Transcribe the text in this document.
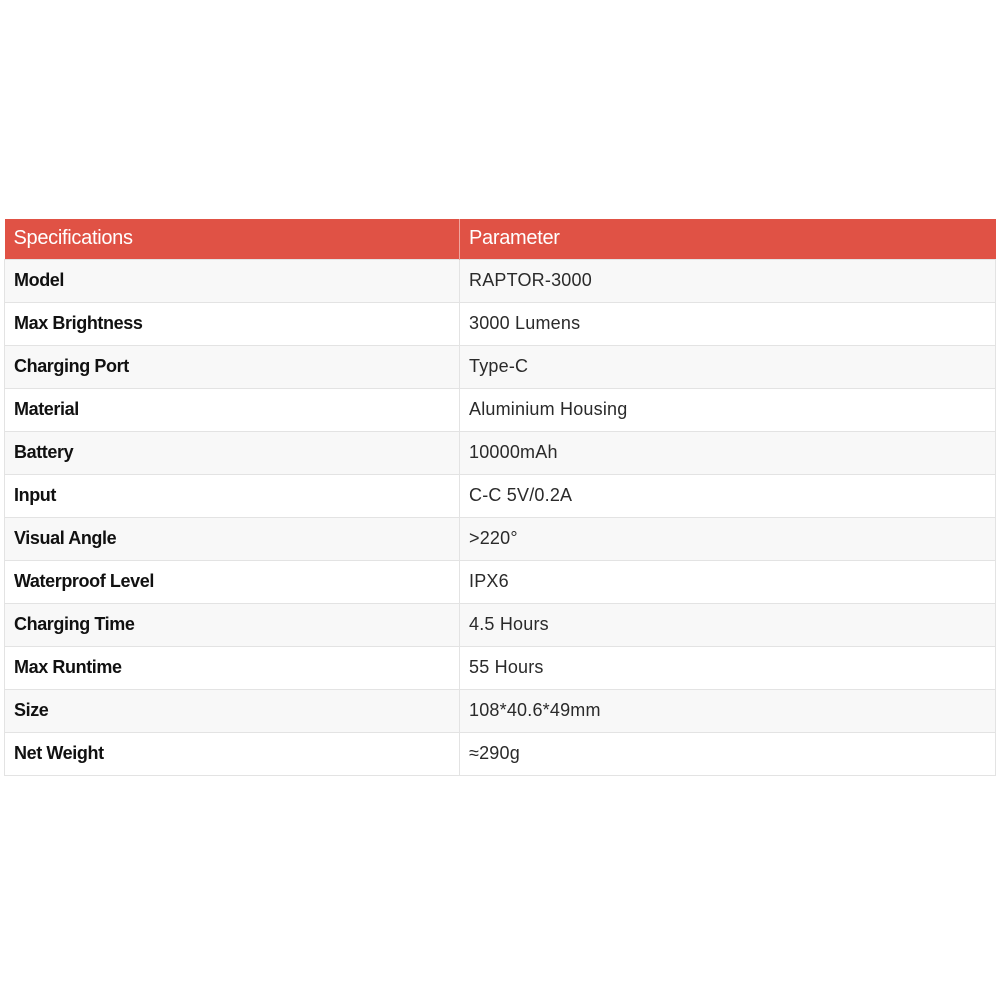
Specifications	Parameter
Model	RAPTOR-3000
Max Brightness	3000 Lumens
Charging Port	Type-C
Material	Aluminium Housing
Battery	10000mAh
Input	C-C 5V/0.2A
Visual Angle	>220°
Waterproof Level	IPX6
Charging Time	4.5 Hours
Max Runtime	55 Hours
Size	108*40.6*49mm
Net Weight	≈290g
